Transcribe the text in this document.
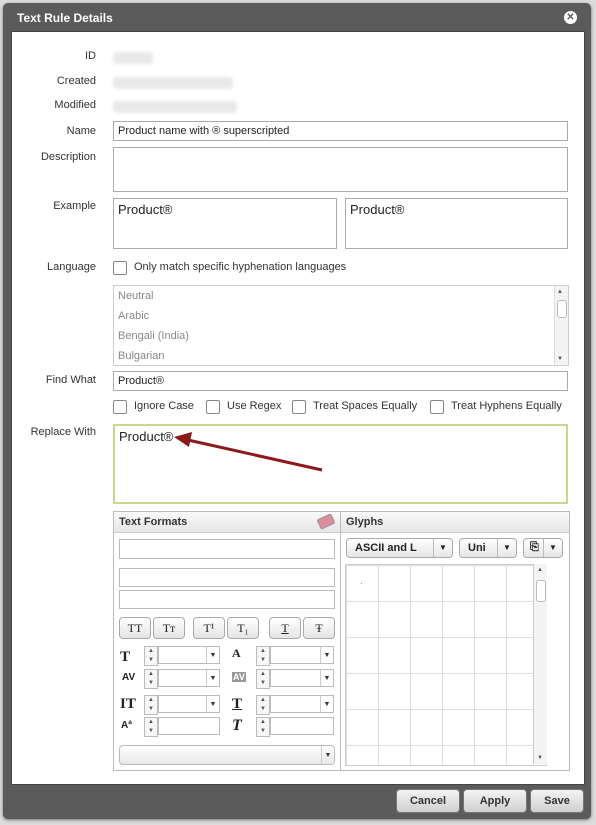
Text Rule Details	✕
ID
Created
Modified
Name	Product name with ® superscripted
Description
Example	Product®	Product®
Language	Only match specific hyphenation languages
Neutral
Arabic
Bengali (India)
Bulgarian
▲
▼
Find What	Product®
Ignore Case	Use Regex	Treat Spaces Equally	Treat Hyphens Equally
Replace With	Product®
Text Formats
TT	Tт	T¹	T₁	T	Ŧ
T	▲
▼
▼ A	▲
▼
▼
AV	▲
▼
▼ AV	▲
▼
▼
IT	▲
▼
▼ T	▲
▼
▼
Aª	▲
▼	T	▲
▼
▼
Glyphs
ASCII and L	▼	Uni	▼	⎘	▼
·
▲
▼
Cancel	Apply	Save
